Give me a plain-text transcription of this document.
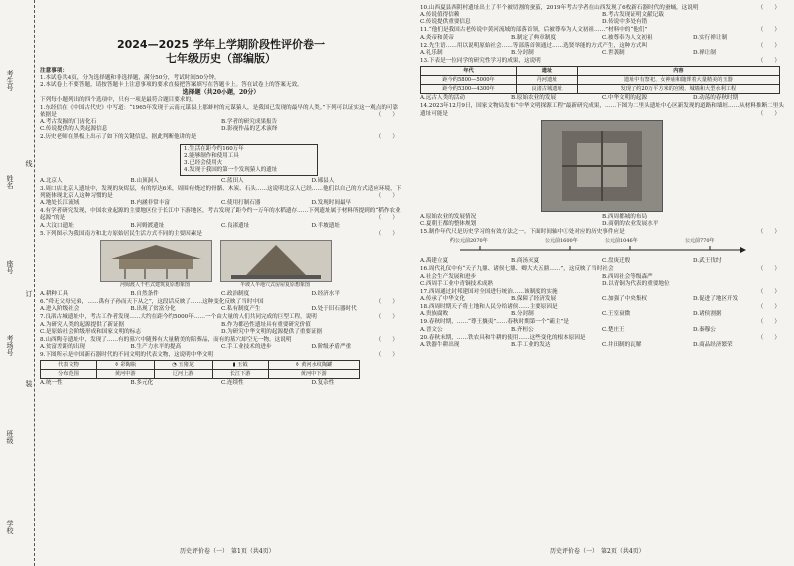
考生号
姓名
座号
考场号
班级
学校
线
订
装
2024—2025 学年上学期阶段性评价卷一
七年级历史（部编版）
注意事项：
1.本试卷共4页，分为选择题和非选择题，满分50分，考试时间50分钟。
2.本试卷上不要答题，请按答题卡上注意事项的要求直接把答案填写在答题卡上。答在试卷上的答案无效。
选择题（共20小题，20分）
下列每小题列出的四个选项中，只有一项是最符合题目要求的。
1.东经信在《中国古代史》中写道：“1965年发现于云南元谋县上那蚌村的元谋猿人，是我国已发现的最早的人类。”下列可以证实这一观点的可靠依据是	（　　）
A.考古发掘的门齿化石	B.学者的研究成果报告
C.传说提供的人类起源信息	D.影视作品的艺术演绎
2.历史老师在黑板上出示了如下的关键信息，据此判断他讲的是	（　　）
1.生活在距今约160万年
2.能够制作和使用工具
3.已经会使用火
4.发现于我国的第一个发现猿人的遗址
A.北京人	B.山顶洞人	C.蓝田人	D.郧县人
3.周口店北京人遗址中，发现的灰烬层，有的厚达6米，周围有烧过的骨骼、木炭、石头……这说明北京人已经……他们以自己的方式适应环境，下列能体现北京人这种习惯的是	（　　）
A.地处长江流域	B.内涵非常丰富	C.使用打制石器	D.发现时间最早
4.有学者研究发现，中国农业起源的主要地区位于长江中下游地区，考古发现了距今约一万年的水稻遗存……下列遗址属于材料所提到的“稻作农业起源”的是	（　　）
A.大汶口遗址	B.河姆渡遗址	C.良渚遗址	D.半坡遗址
5.下列图示为我国南方和北方原始居民生活方式不同的主要因素是	（　　）
河姆渡人干栏式建筑复原想象图	半坡人半地穴式房屋复原想象图
A.耕种工具	B.自然条件	C.政治制度	D.经济水平
6.“舜无父母兄弟，……禹有子孙而天下从之”，这段话反映了……这种变化反映了当时中国	（　　）
A.进入阶级社会	B.出现了贫富分化	C.私有制度产生	D.处于旧石器时代
7.良渚古城遗址中，考古工作者发现……大约在距今约5000年……一个由大量的人们共同完成的巨型工程，说明	（　　）
A.为研究人类的起源提供了新证据	B.作为都邑性遗址具有重要研究价值
C.是原始社会阶级形成和国家文明的标志	D.为研究中华文明的起源提供了重要证据
8.山西陶寺遗址中，发现了……有的墓穴中随葬有大量精美的陪葬品，而有的墓穴却空无一物。这说明	（　　）
A.贫富差距的出现	B.生产力水平的提高	C.手工业技术的进步	D.阶级矛盾严重
9.下图所示是中国新石器时代的不同文明的代表文物，这说明中华文明	（　　）
代表文物	⚱ 彩陶瓶	◔ 玉猪龙	▮ 玉钺	⚱ 黄河水纹陶罐
分布范围	黄河中游	辽河上游	长江下游	黄河中下游
A.统一性	B.多元化	C.连续性	D.复杂性
10.山西夏县西阴村遗址出土了半个被切割的蚕茧，2019年考古学者在山西发现了6枚新石器时代的蚕蛹，这说明	（　　）
A.传说值得信赖	B.考古发现证明文献记载
C.传说提供重要信息	D.传说中多处有错
11.“他们是我国古老传说中黄河流域的部落首领，后被尊奉为人文初祖……”材料中的“他们”	（　　）
A.炎帝和黄帝	B.制定了典章制度	C.被尊奉为人文初祖	D.实行禅让制
12.先生语……用以说明原始社会……等部落首领通过……选贤举能的方式产生，这种方式叫	（　　）
A.礼乐制	B.分封制	C.世袭制	D.禅让制
13.下表是一位同学的研究性学习的成果，这说明	（　　）
年代	遗址	内容
距今约5800—5000年	丹河遗址	遗址中有祭祀、女神庙和随葬着大量精美的玉器
距今约5300—4300年	良渚古城遗址	发现了约20万平方米的宫殿、城墙和大型水利工程
A.远古人类的活动	B.原始农业的发展	C.中华文明的起源	D.动荡的春秋时期
14.2023年12月9日，国家文物局发布“中华文明探源工程”最新研究成果，……下图为二里头遗址中心区新发现的道路和墙垣……从材料推断二里头遗址可能是	（　　）
A.原始农业的发展情况	B.西周都城的布局
C.夏朝王都的整体规划	D.商朝的农业发展水平
15.制作年代尺是历史学习的有效方法之一。下面时间轴中①处对应的历史事件应是	（　　）
约公元前2070年	公元前1600年	公元前1046年	公元前770年
A.禹建立夏	B.商汤灭夏	C.盘庚迁殷	D.武王伐纣
16.周代礼仪中有“天子九鼎、诸侯七鼎、卿大夫五鼎……”，这反映了当时社会	（　　）
A.社会生产发展和进步	B.西周社会等级森严
C.西周手工业中青铜技术成熟	D.以青铜为代表的重要地位
17.西周通过封邦建国对全国进行统治……该制度的实施	（　　）
A.传承了中华文化	B.保障了经济发展	C.加强了中央集权	D.促进了地区开发
18.西周时期天子将土地和人民分给诸侯……主要原因是	（　　）
A.贵族腐败	B.分封制	C.王室衰微	D.诸侯割据
19.春秋时期，……“尊王攘夷”……春秋时期第一个“霸主”是	（　　）
A.晋文公	B.齐桓公	C.楚庄王	D.秦穆公
20.春秋末期，……铁农具和牛耕的使用……这些变化的根本原因是	（　　）
A.铁器牛耕出现	B.手工业的发达	C.井田制的瓦解	D.商品经济繁荣
历史评价卷（一）　第1页（共4页）	历史评价卷（一）　第2页（共4页）
